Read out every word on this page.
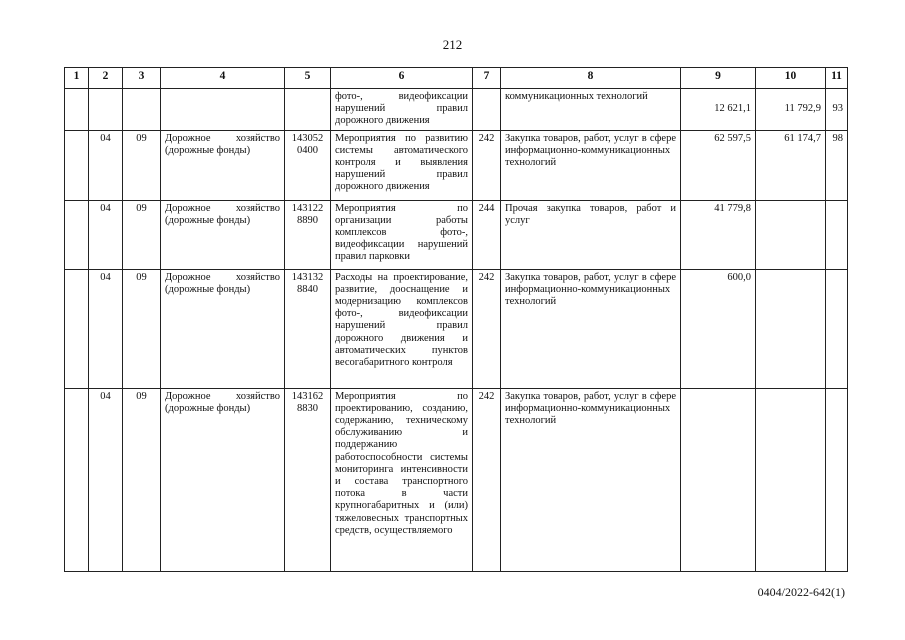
212
1	2	3	4	5	6	7	8	9	10	11
					фото-, видеофиксации нарушений правил дорожного движения		коммуникационных технологий	12 621,1	11 792,9	93
	04	09	Дорожное хозяйство (дорожные фонды)	143052 0400	Мероприятия по развитию системы автоматического контроля и выявления нарушений правил дорожного движения	242	Закупка товаров, работ, услуг в сфере информационно-коммуникационных технологий	62 597,5	61 174,7	98
	04	09	Дорожное хозяйство (дорожные фонды)	143122 8890	Мероприятия по организации работы комплексов фото-, видеофиксации нарушений правил парковки	244	Прочая закупка товаров, работ и услуг	41 779,8		
	04	09	Дорожное хозяйство (дорожные фонды)	143132 8840	Расходы на проектирование, развитие, дооснащение и модернизацию комплексов фото-, видеофиксации нарушений правил дорожного движения и автоматических пунктов весогабаритного контроля	242	Закупка товаров, работ, услуг в сфере информационно-коммуникационных технологий	600,0		
	04	09	Дорожное хозяйство (дорожные фонды)	143162 8830	Мероприятия по проектированию, созданию, содержанию, техническому обслуживанию и поддержанию работоспособности системы мониторинга интенсивности и состава транспортного потока в части крупногабаритных и (или) тяжеловесных транспортных средств, осуществляемого	242	Закупка товаров, работ, услуг в сфере информационно-коммуникационных технологий			
0404/2022-642(1)
